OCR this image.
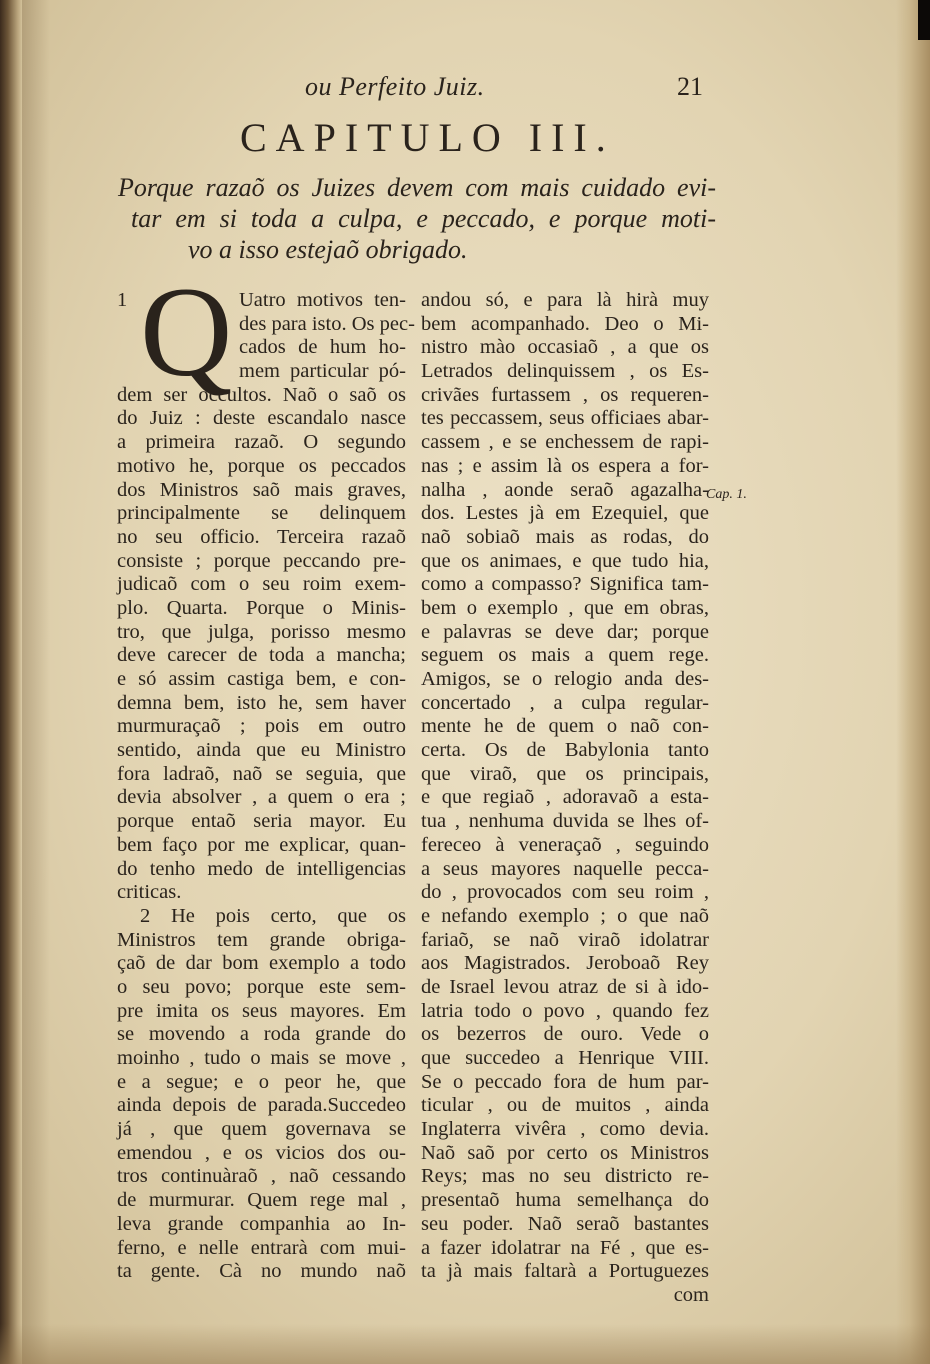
ou Perfeito Juiz.	21
CAPITULO III.
Porque razaõ os Juizes devem com mais cuidado evi-
tar em si toda a culpa, e peccado, e porque moti-
vo a isso estejaõ obrigado.
1 Q Uatro motivos ten-
des para isto. Os pec-
cados de hum ho-
mem particular pó-
dem ser occultos. Naõ o saõ os
do Juiz : deste escandalo nasce
a primeira razaõ. O segundo
motivo he, porque os peccados
dos Ministros saõ mais graves,
principalmente se delinquem
no seu officio. Terceira razaõ
consiste ; porque peccando pre-
judicaõ com o seu roim exem-
plo. Quarta. Porque o Minis-
tro, que julga, porisso mesmo
deve carecer de toda a mancha;
e só assim castiga bem, e con-
demna bem, isto he, sem haver
murmuraçaõ ; pois em outro
sentido, ainda que eu Ministro
fora ladraõ, naõ se seguia, que
devia absolver , a quem o era ;
porque entaõ seria mayor. Eu
bem faço por me explicar, quan-
do tenho medo de intelligencias
criticas.
2 He pois certo, que os
Ministros tem grande obriga-
çaõ de dar bom exemplo a todo
o seu povo; porque este sem-
pre imita os seus mayores. Em
se movendo a roda grande do
moinho , tudo o mais se move ,
e a segue; e o peor he, que
ainda depois de parada.Succedeo
já , que quem governava se
emendou , e os vicios dos ou-
tros continuàraõ , naõ cessando
de murmurar. Quem rege mal ,
leva grande companhia ao In-
ferno, e nelle entrarà com mui-
ta gente. Cà no mundo naõ
andou só, e para là hirà muy
bem acompanhado. Deo o Mi-
nistro mào occasiaõ , a que os
Letrados delinquissem , os Es-
crivães furtassem , os requeren-
tes peccassem, seus officiaes abar-
cassem , e se enchessem de rapi-
nas ; e assim là os espera a for-
nalha , aonde seraõ agazalha-
dos. Lestes jà em Ezequiel, que
naõ sobiaõ mais as rodas, do
que os animaes, e que tudo hia,
como a compasso? Significa tam-
bem o exemplo , que em obras,
e palavras se deve dar; porque
seguem os mais a quem rege.
Amigos, se o relogio anda des-
concertado , a culpa regular-
mente he de quem o naõ con-
certa. Os de Babylonia tanto
que viraõ, que os principais,
e que regiaõ , adoravaõ a esta-
tua , nenhuma duvida se lhes of-
fereceo à veneraçaõ , seguindo
a seus mayores naquelle pecca-
do , provocados com seu roim ,
e nefando exemplo ; o que naõ
fariaõ, se naõ viraõ idolatrar
aos Magistrados. Jeroboaõ Rey
de Israel levou atraz de si à ido-
latria todo o povo , quando fez
os bezerros de ouro. Vede o
que succedeo a Henrique VIII.
Se o peccado fora de hum par-
ticular , ou de muitos , ainda
Inglaterra vivêra , como devia.
Naõ saõ por certo os Ministros
Reys; mas no seu districto re-
presentaõ huma semelhança do
seu poder. Naõ seraõ bastantes
a fazer idolatrar na Fé , que es-
ta jà mais faltarà a Portuguezes
com
Cap. 1.
